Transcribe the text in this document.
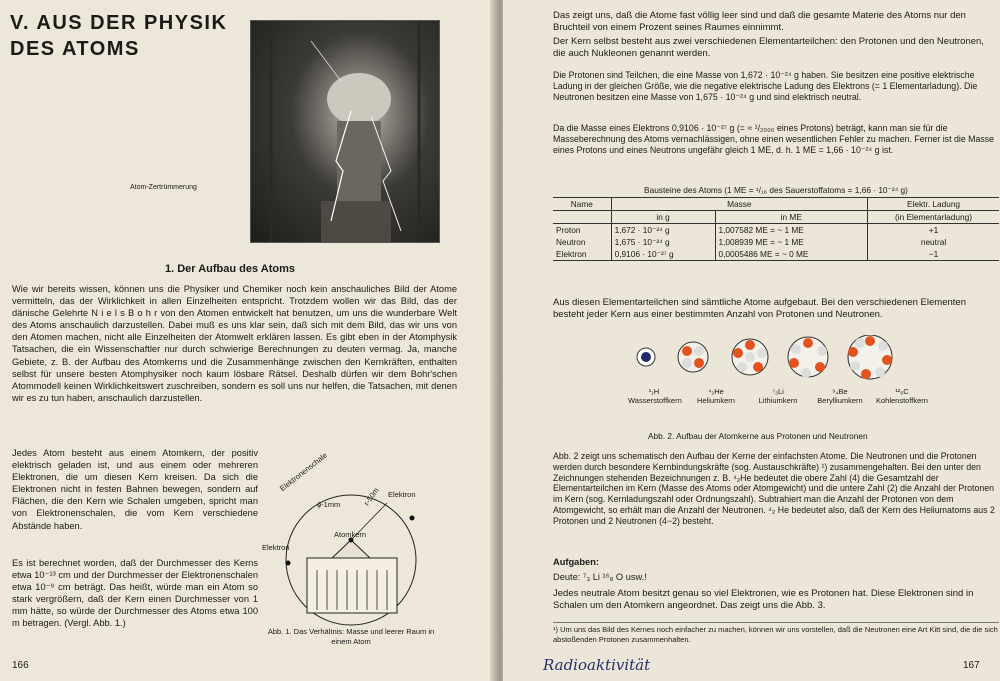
V. AUS DER PHYSIK DES ATOMS
Atom-Zertrümmerung
1. Der Aufbau des Atoms
Wie wir bereits wissen, können uns die Physiker und Chemiker noch kein anschauliches Bild der Atome vermitteln, das der Wirklichkeit in allen Einzelheiten entspricht. Trotzdem wollen wir das Bild, das der dänische Gelehrte N i e l s B o h r von den Atomen entwickelt hat benutzen, um uns die wunderbare Welt des Atoms anschaulich darzustellen. Dabei muß es uns klar sein, daß sich mit dem Bild, das wir uns von den Atomen machen, nicht alle Einzelheiten der Atomwelt erklären lassen. Es gibt eben in der Atomphysik Tatsachen, die ein Wissenschaftler nur durch schwierige Berechnungen zu deuten vermag. Ja, manche Gebiete, z. B. der Aufbau des Atomkerns und die Zusammenhänge zwischen den Kernkräften, enthalten selbst für unsere besten Atomphysiker noch kaum lösbare Rätsel. Deshalb dürfen wir dem Bohr'schen Atommodell keinen Wirklichkeitswert zuschreiben, sondern es soll uns nur helfen, die Tatsachen, mit denen wir es zu tun haben, anschaulich darzustellen.
Jedes Atom besteht aus einem Atomkern, der positiv elektrisch geladen ist, und aus einem oder mehreren Elektronen, die um diesen Kern kreisen. Da sich die Elektronen nicht in festen Bahnen bewegen, sondern auf Flächen, die den Kern wie Schalen umgeben, spricht man von Elektronenschalen, die vom Kern verschiedene Abstände haben.
Es ist berechnet worden, daß der Durchmesser des Kerns etwa 10⁻¹³ cm und der Durchmesser der Elektronenschalen etwa 10⁻⁸ cm beträgt. Das heißt, würde man ein Atom so stark vergrößern, daß der Kern einen Durchmesser von 1 mm hätte, so würde der Durchmesser des Atoms etwa 100 m betragen. (Vergl. Abb. 1.)
Elektronenschale
ɸ-1mm	r-50m Elektron
Atomkern
Elektron
Abb. 1. Das Verhältnis: Masse und leerer Raum in einem Atom
166
Das zeigt uns, daß die Atome fast völlig leer sind und daß die gesamte Materie des Atoms nur den Bruchteil von einem Prozent seines Raumes einnimmt.
Der Kern selbst besteht aus zwei verschiedenen Elementarteilchen: den Protonen und den Neutronen, die auch Nukleonen genannt werden.
Die Protonen sind Teilchen, die eine Masse von 1,672 · 10⁻²⁴ g haben. Sie besitzen eine positive elektrische Ladung in der gleichen Größe, wie die negative elektrische Ladung des Elektrons (= 1 Elementarladung). Die Neutronen besitzen eine Masse von 1,675 · 10⁻²⁴ g und sind elektrisch neutral.
Da die Masse eines Elektrons 0,9106 · 10⁻²⁷ g (= ≈ ¹/₂₀₀₀ eines Protons) beträgt, kann man sie für die Masseberechnung des Atoms vernachlässigen, ohne einen wesentlichen Fehler zu machen. Ferner ist die Masse eines Protons und eines Neutrons ungefähr gleich 1 ME, d. h. 1 ME = 1,66 · 10⁻²⁴ g ist.
Bausteine des Atoms (1 ME = ¹/₁₆ des Sauerstoffatoms = 1,66 · 10⁻²⁴ g)
Name	Masse		Elektr. Ladung
	in g	in ME	(in Elementarladung)
Proton	1,672 · 10⁻²⁴ g	1,007582 ME = ~ 1 ME	+1
Neutron	1,675 · 10⁻²⁴ g	1,008939 ME = ~ 1 ME	neutral
Elektron	0,9106 · 10⁻²⁷ g	0,0005486 ME = ~ 0 ME	−1
Aus diesen Elementarteilchen sind sämtliche Atome aufgebaut. Bei den verschiedenen Elementen besteht jeder Kern aus einer bestimmten Anzahl von Protonen und Neutronen.
¹₁H
Wasserstoffkern
⁴₂He
Heliumkern
⁷₃Li
Lithiumkern
⁹₄Be
Berylliumkern
¹²₆C
Kohlenstoffkern
Abb. 2. Aufbau der Atomkerne aus Protonen und Neutronen
Abb. 2 zeigt uns schematisch den Aufbau der Kerne der einfachsten Atome. Die Neutronen und die Protonen werden durch besondere Kernbindungskräfte (sog. Austauschkräfte) ¹) zusammengehalten. Bei den unter den Zeichnungen stehenden Bezeichnungen z. B. ⁴₂He bedeutet die obere Zahl (4) die Gesamtzahl der Elementarteilchen im Kern (Masse des Atoms oder Atomgewicht) und die untere Zahl (2) die Anzahl der Protonen im Kern (sog. Kernladungszahl oder Ordnungszahl). Subtrahiert man die Anzahl der Protonen von dem Atomgewicht, so erhält man die Anzahl der Neutronen. ⁴₂ He bedeutet also, daß der Kern des Heliumatoms aus 2 Protonen und 2 Neutronen (4−2) besteht.
Aufgaben:
Deute: ⁷₃ Li ¹⁶₈ O usw.!
Jedes neutrale Atom besitzt genau so viel Elektronen, wie es Protonen hat. Diese Elektronen sind in Schalen um den Atomkern angeordnet. Das zeigt uns die Abb. 3.
¹) Um uns das Bild des Kernes noch einfacher zu machen, können wir uns vorstellen, daß die Neutronen eine Art Kitt sind, die die sich abstoßenden Protonen zusammenhalten.
Radioaktivität	167
